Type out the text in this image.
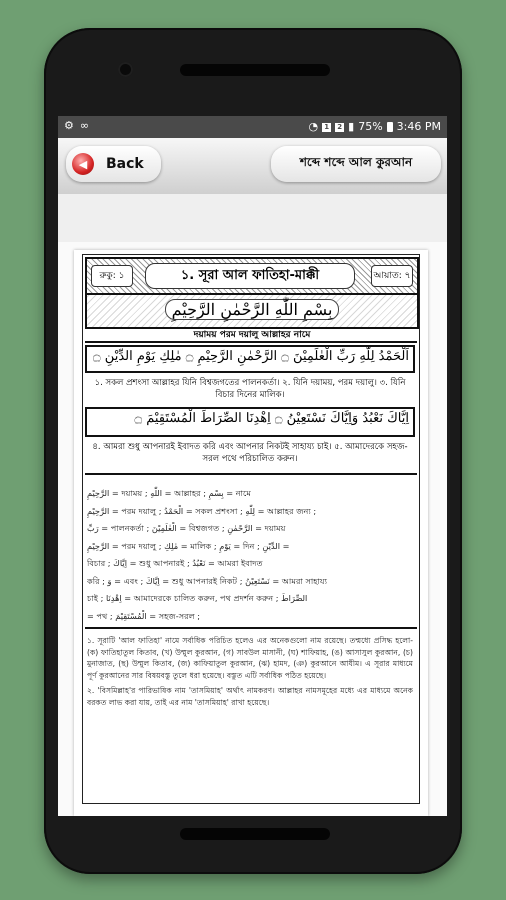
⚙ ∞	◔ 1 2 ▮ 75% 3:46 PM
◀	Back	শব্দে শব্দে আল কুরআন
রুকু: ১	১. সূরা আল ফাতিহা-মাক্কী	আয়াত: ৭
بِسْمِ اللّٰهِ الرَّحْمٰنِ الرَّحِيْمِ
দয়াময় পরম দয়ালু আল্লাহর নামে
اَلْحَمْدُ لِلّٰهِ رَبِّ الْعٰلَمِيْنَ ۝ الرَّحْمٰنِ الرَّحِيْمِ ۝ مٰلِكِ يَوْمِ الدِّيْنِ ۝
১. সকল প্রশংসা আল্লাহর যিনি বিশ্বজগতের পালনকর্তা। ২. যিনি দয়াময়, পরম দয়ালু। ৩. যিনি বিচার দিনের মালিক।
اِيَّاكَ نَعْبُدُ وَاِيَّاكَ نَسْتَعِيْنُ ۝ اِهْدِنَا الصِّرَاطَ الْمُسْتَقِيْمَ ۝
৪. আমরা শুধু আপনারই ইবাদত করি এবং আপনার নিকটই সাহায্য চাই। ৫. আমাদেরকে সহজ-সরল পথে পরিচালিত করুন।
الرَّحِيْمِ = দয়াময় ; اللّٰهِ = আল্লাহর ; بِسْمِ = নামে
الرَّحِيْمِ = পরম দয়ালু ; الْحَمْدُ = সকল প্রশংসা ; لِلّٰهِ = আল্লাহর জন্য ;
رَبِّ = পালনকর্তা ; الْعٰلَمِيْنَ = বিশ্বজগত ; الرَّحْمٰنِ = দয়াময়
الرَّحِيْمِ = পরম দয়ালু ; مٰلِكِ = মালিক ; يَوْمِ = দিন ; الدِّيْنِ =
বিচার ; اِيَّاكَ = শুধু আপনারই ; نَعْبُدُ = আমরা ইবাদত
করি ; وَ = এবং ; اِيَّاكَ = শুধু আপনারই নিকট ; نَسْتَعِيْنُ = আমরা সাহায্য
চাই ; اِهْدِنَا = আমাদেরকে চালিত করুন, পথ প্রদর্শন করুন ; الصِّرَاطَ
= পথ ; الْمُسْتَقِيْمَ = সহজ-সরল ;

১. সূরাটি 'আল ফাতিহা' নামে সর্বাধিক পরিচিত হলেও এর অনেকগুলো নাম রয়েছে। তন্মধ্যে প্রসিদ্ধ হলো- (ক) ফাতিহাতুল কিতাব, (খ) উম্মুল কুরআন, (গ) সাবউল মাসানী, (ঘ) শাফিয়াহ, (ঙ) আসাসুল কুরআন, (চ) মুনাজাত, (ছ) উম্মুল কিতাব, (জ) কাফিয়াতুল কুরআন, (ঝ) হামদ, (ঞ) কুরআনে আযীম। এ সূরার মাধ্যমে পূর্ণ কুরআনের সার বিষয়বস্তু তুলে ধরা হয়েছে। বস্তুত এটি সর্বাধিক পঠিত হয়েছে।

২. 'বিসমিল্লাহ'র পারিভাষিক নাম 'তাসমিয়াহ' অর্থাৎ নামকরণ। আল্লাহর নামসমূহের মধ্যে এর মাধ্যমে অনেক বরকত লাভ করা যায়, তাই এর নাম 'তাসমিয়াহ' রাখা হয়েছে।
